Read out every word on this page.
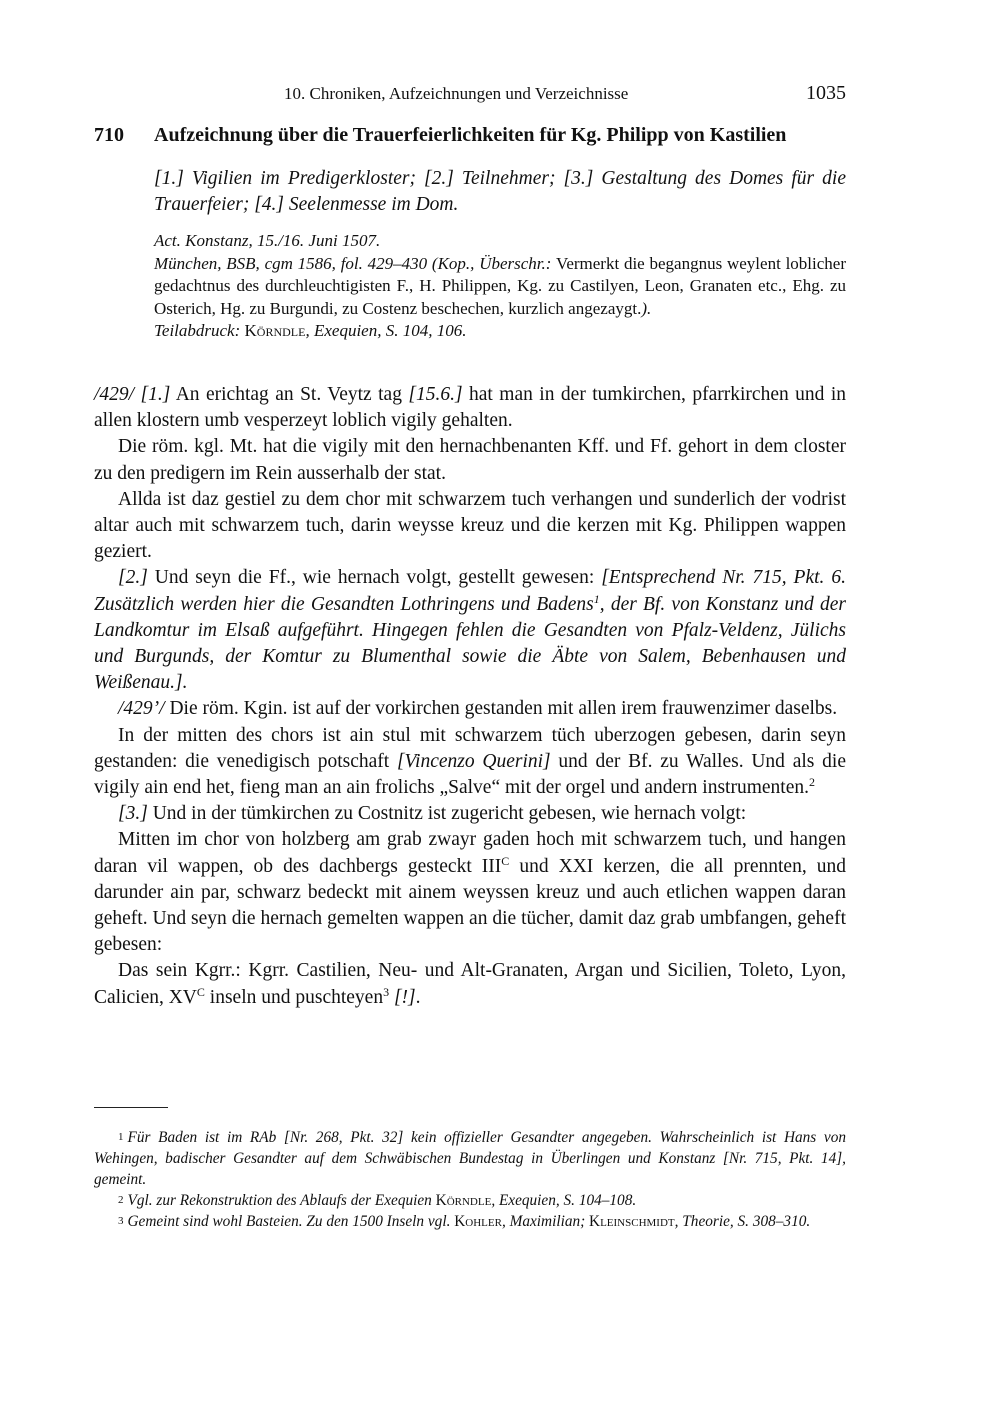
10. Chroniken, Aufzeichnungen und Verzeichnisse	1035
710 Aufzeichnung über die Trauerfeierlichkeiten für Kg. Philipp von Kastilien
[1.] Vigilien im Predigerkloster; [2.] Teilnehmer; [3.] Gestaltung des Domes für die Trauerfeier; [4.] Seelenmesse im Dom.

Act. Konstanz, 15./16. Juni 1507.

München, BSB, cgm 1586, fol. 429–430 (Kop., Überschr.: Vermerkt die begangnus weylent loblicher gedachtnus des durchleuchtigisten F., H. Philippen, Kg. zu Castilyen, Leon, Granaten etc., Ehg. zu Osterich, Hg. zu Burgundi, zu Costenz beschechen, kurzlich angezaygt.).

Teilabdruck: Körndle, Exequien, S. 104, 106.

/429/ [1.] An erichtag an St. Veytz tag [15.6.] hat man in der tumkirchen, pfarrkirchen und in allen klostern umb vesperzeyt loblich vigily gehalten.

Die röm. kgl. Mt. hat die vigily mit den hernachbenanten Kff. und Ff. gehort in dem closter zu den predigern im Rein ausserhalb der stat.

Allda ist daz gestiel zu dem chor mit schwarzem tuch verhangen und sunderlich der vodrist altar auch mit schwarzem tuch, darin weysse kreuz und die kerzen mit Kg. Philippen wappen geziert.

[2.] Und seyn die Ff., wie hernach volgt, gestellt gewesen: [Entsprechend Nr. 715, Pkt. 6. Zusätzlich werden hier die Gesandten Lothringens und Badens$^1$, der Bf. von Konstanz und der Landkomtur im Elsaß aufgeführt. Hingegen fehlen die Gesandten von Pfalz-Veldenz, Jülichs und Burgunds, der Komtur zu Blumenthal sowie die Äbte von Salem, Bebenhausen und Weißenau.].

/429’/ Die röm. Kgin. ist auf der vorkirchen gestanden mit allen irem frauwenzimer daselbs.

In der mitten des chors ist ain stul mit schwarzem tüch uberzogen gebesen, darin seyn gestanden: die venedigisch potschaft [Vincenzo Querini] und der Bf. zu Walles. Und als die vigily ain end het, fieng man an ain frolichs „Salve“ mit der orgel und andern instrumenten.$^2$

[3.] Und in der tümkirchen zu Costnitz ist zugericht gebesen, wie hernach volgt:

Mitten im chor von holzberg am grab zwayr gaden hoch mit schwarzem tuch, und hangen daran vil wappen, ob des dachbergs gesteckt $III^C$ und XXI kerzen, die all prennten, und darunder ain par, schwarz bedeckt mit ainem weyssen kreuz und auch etlichen wappen daran geheft. Und seyn die hernach gemelten wappen an die tücher, damit daz grab umbfangen, geheft gebesen:

Das sein Kgrr.: Kgrr. Castilien, Neu- und Alt-Granaten, Argan und Sicilien, Toleto, Lyon, Calicien, $XV^C$ inseln und puschteyen$^3$ [!].

1 Für Baden ist im RAb [Nr. 268, Pkt. 32] kein offizieller Gesandter angegeben. Wahrscheinlich ist Hans von Wehingen, badischer Gesandter auf dem Schwäbischen Bundestag in Überlingen und Konstanz [Nr. 715, Pkt. 14], gemeint.

2 Vgl. zur Rekonstruktion des Ablaufs der Exequien Körndle, Exequien, S. 104–108.

3 Gemeint sind wohl Basteien. Zu den 1500 Inseln vgl. Kohler, Maximilian; Kleinschmidt, Theorie, S. 308–310.
